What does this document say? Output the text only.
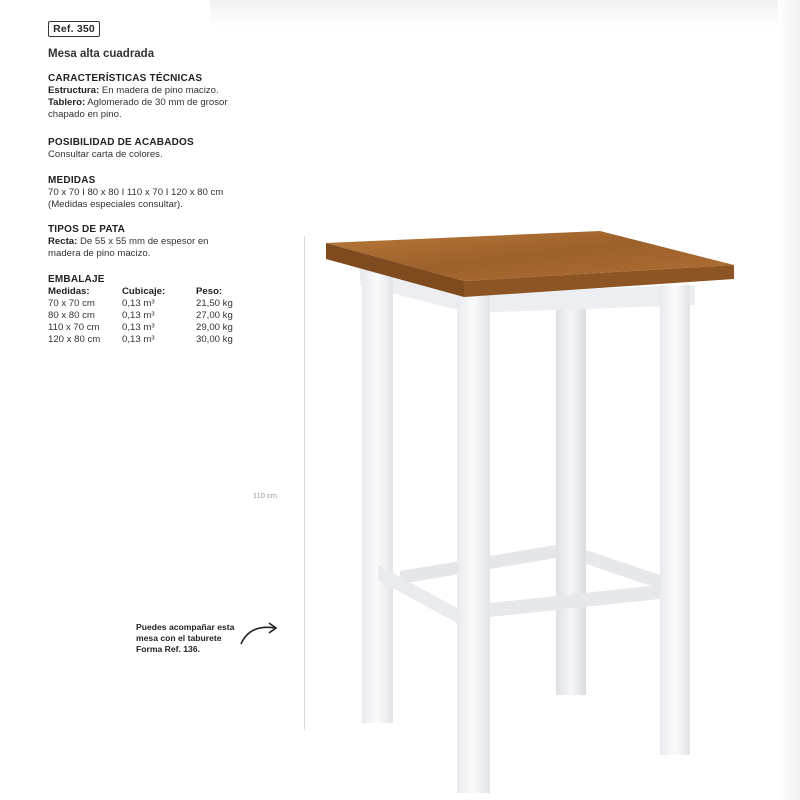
Ref. 350
Mesa alta cuadrada
CARACTERÍSTICAS TÉCNICAS
Estructura: En madera de pino macizo.
Tablero: Aglomerado de 30 mm de grosor
chapado en pino.
POSIBILIDAD DE ACABADOS
Consultar carta de colores.
MEDIDAS
70 x 70 I 80 x 80 I 110 x 70 I 120 x 80 cm
(Medidas especiales consultar).
TIPOS DE PATA
Recta: De 55 x 55 mm de espesor en
madera de pino macizo.
EMBALAJE
Medidas:	Cubicaje:	Peso:
70 x 70 cm	0,13 m³	21,50 kg
80 x 80 cm	0,13 m³	27,00 kg
110 x 70 cm 0,13 m³	29,00 kg
120 x 80 cm 0,13 m³	30,00 kg
110 cm
Puedes acompañar esta
mesa con el taburete
Forma Ref. 136.
